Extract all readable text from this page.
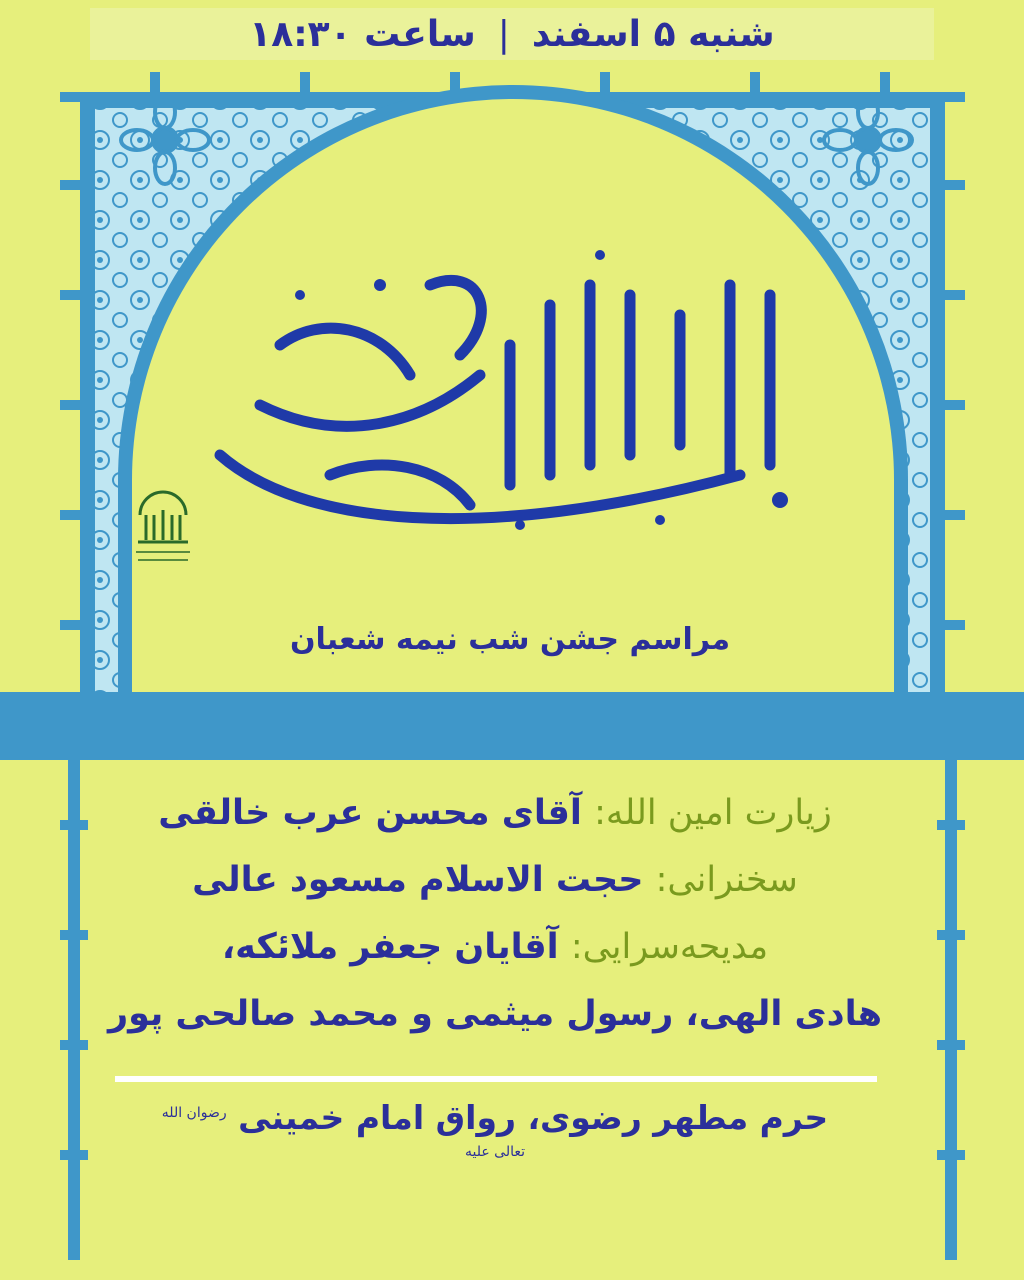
مراسم جشن شب نیمه شعبان
شنبه ۵ اسفند
|
ساعت ۱۸:۳۰
زیارت امین الله: آقای محسن عرب خالقی
سخنرانی: حجت الاسلام مسعود عالی
مدیحه‌سرایی: آقایان جعفر ملائکه،
هادی الهی، رسول میثمی و محمد صالحی پور
حرم مطهر رضوی، رواق امام خمینی $^{رضوان الله تعالی علیه}$
